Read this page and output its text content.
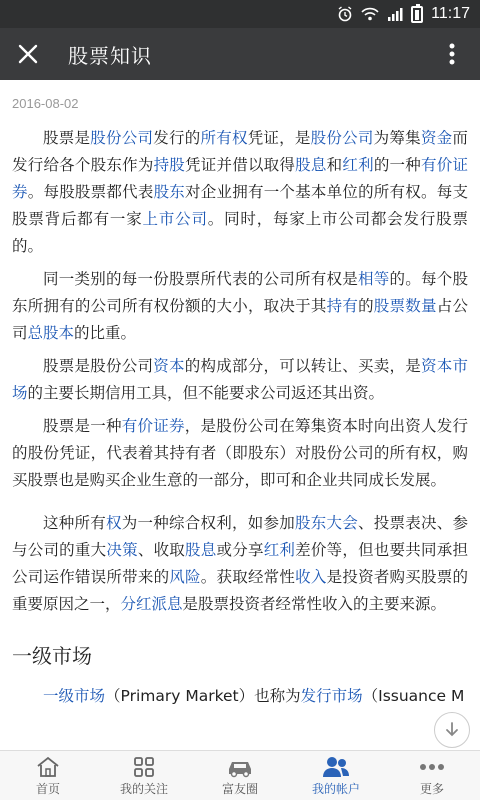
11:17
股票知识
2016-08-02
股票是股份公司发行的所有权凭证，是股份公司为筹集资金而发行给各个股东作为持股凭证并借以取得股息和红利的一种有价证券。每股股票都代表股东对企业拥有一个基本单位的所有权。每支股票背后都有一家上市公司。同时，每家上市公司都会发行股票的。
同一类别的每一份股票所代表的公司所有权是相等的。每个股东所拥有的公司所有权份额的大小，取决于其持有的股票数量占公司总股本的比重。
股票是股份公司资本的构成部分，可以转让、买卖，是资本市场的主要长期信用工具，但不能要求公司返还其出资。
股票是一种有价证券，是股份公司在筹集资本时向出资人发行的股份凭证，代表着其持有者（即股东）对股份公司的所有权，购买股票也是购买企业生意的一部分，即可和企业共同成长发展。
这种所有权为一种综合权利，如参加股东大会、投票表决、参与公司的重大决策、收取股息或分享红利差价等，但也要共同承担公司运作错误所带来的风险。获取经常性收入是投资者购买股票的重要原因之一，分红派息是股票投资者经常性收入的主要来源。
一级市场
一级市场（Primary Market）也称为发行市场（Issuance M
首页	我的关注	富友圈	我的帐户	更多
